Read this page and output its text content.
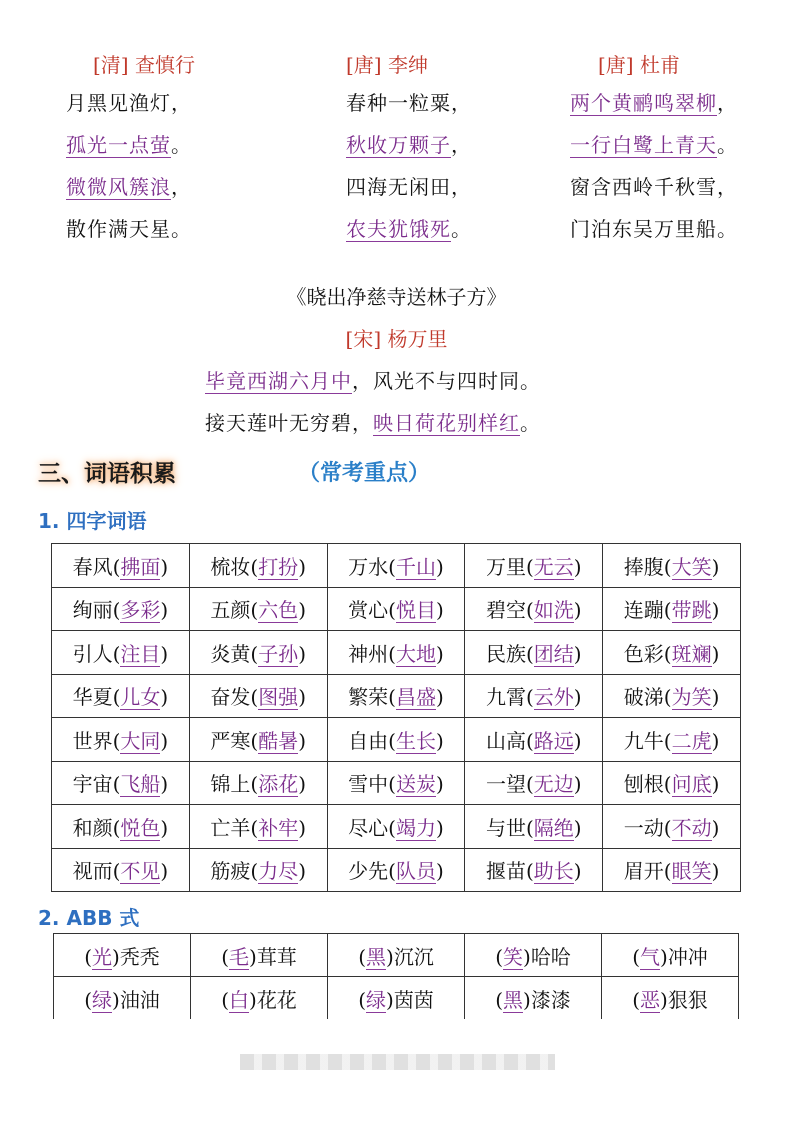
[清] 查慎行
月黑见渔灯，
孤光一点萤。
微微风簇浪，
散作满天星。
[唐] 李绅
春种一粒粟，
秋收万颗子，
四海无闲田，
农夫犹饿死。
[唐] 杜甫
两个黄鹂鸣翠柳，
一行白鹭上青天。
窗含西岭千秋雪，
门泊东吴万里船。
《晓出净慈寺送林子方》
[宋] 杨万里
毕竟西湖六月中，风光不与四时同。
接天莲叶无穷碧，映日荷花别样红。
三、词语积累	（常考重点）
1. 四字词语
春风(拂面)	梳妆(打扮)	万水(千山)	万里(无云)	捧腹(大笑)
绚丽(多彩)	五颜(六色)	赏心(悦目)	碧空(如洗)	连蹦(带跳)
引人(注目)	炎黄(子孙)	神州(大地)	民族(团结)	色彩(斑斓)
华夏(儿女)	奋发(图强)	繁荣(昌盛)	九霄(云外)	破涕(为笑)
世界(大同)	严寒(酷暑)	自由(生长)	山高(路远)	九牛(二虎)
宇宙(飞船)	锦上(添花)	雪中(送炭)	一望(无边)	刨根(问底)
和颜(悦色)	亡羊(补牢)	尽心(竭力)	与世(隔绝)	一动(不动)
视而(不见)	筋疲(力尽)	少先(队员)	揠苗(助长)	眉开(眼笑)
2. ABB 式
(光)秃秃	(毛)茸茸	(黑)沉沉	(笑)哈哈	(气)冲冲
(绿)油油	(白)花花	(绿)茵茵	(黑)漆漆	(恶)狠狠
